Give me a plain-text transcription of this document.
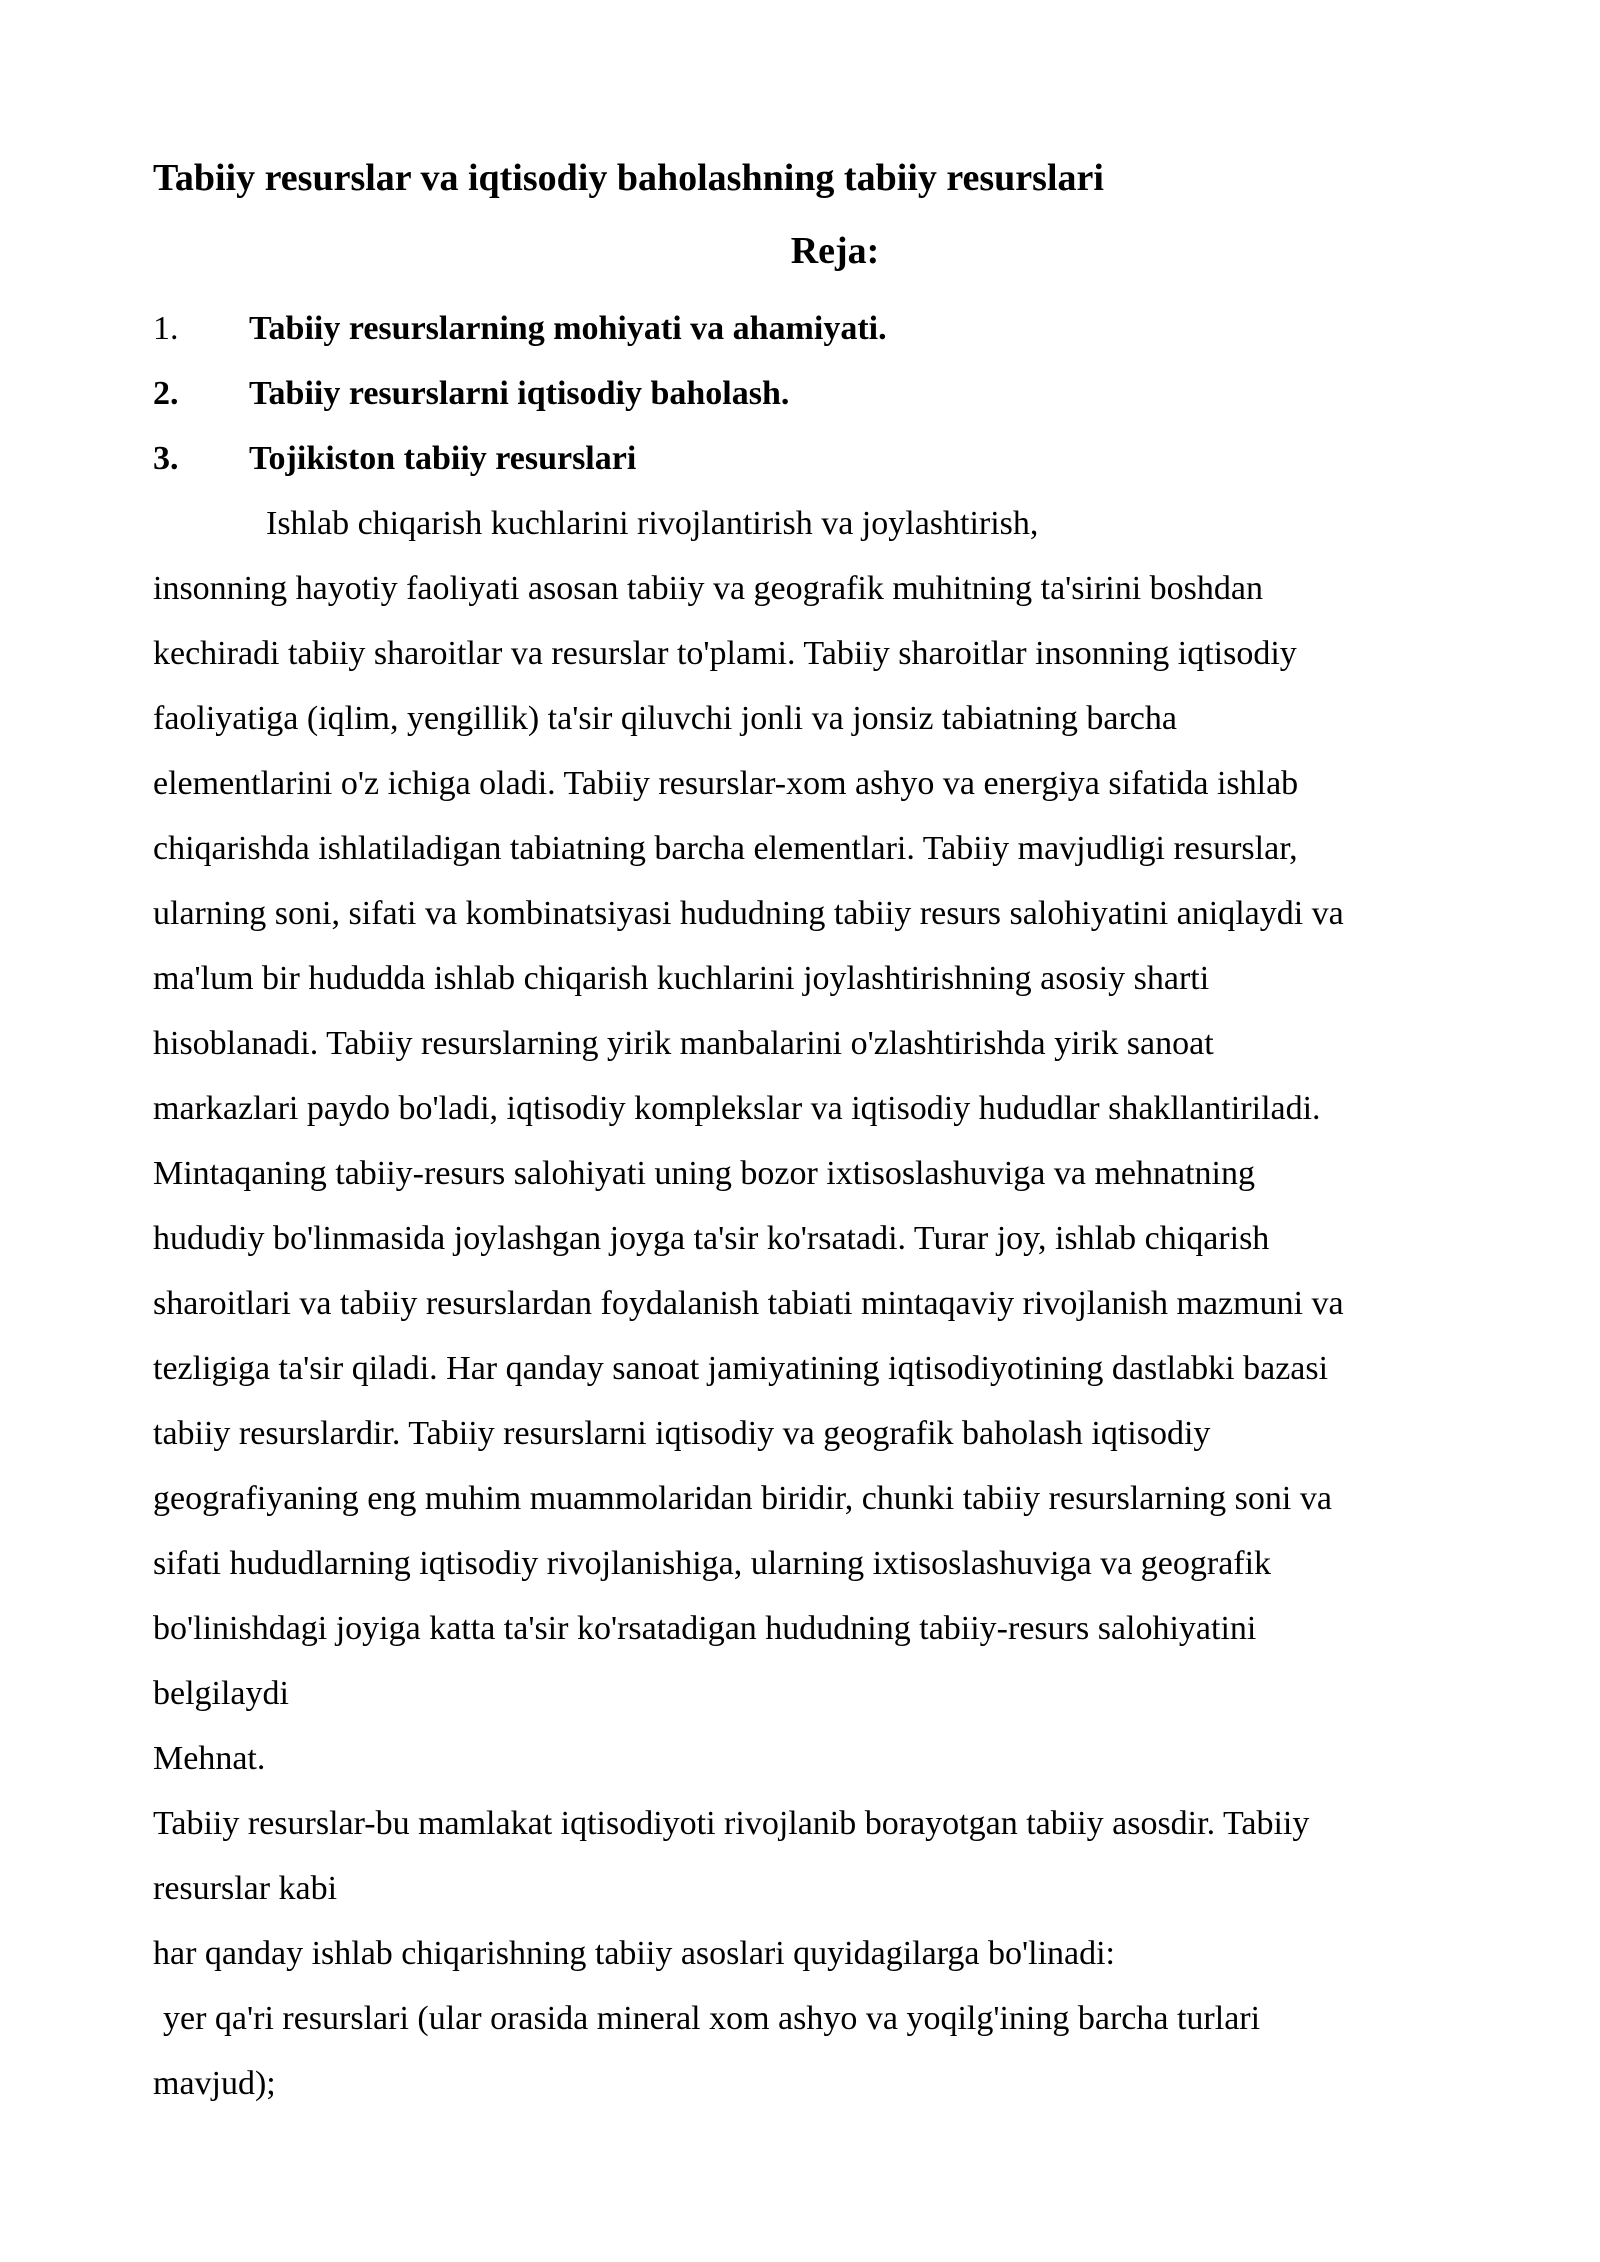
Tabiiy resurslar va iqtisodiy baholashning tabiiy resurslari
Reja:
1. Tabiiy resurslarning mohiyati va ahamiyati.
2. Tabiiy resurslarni iqtisodiy baholash.
3. Tojikiston tabiiy resurslari
Ishlab chiqarish kuchlarini rivojlantirish va joylashtirish,
insonning hayotiy faoliyati asosan tabiiy va geografik muhitning ta'sirini boshdan
kechiradi tabiiy sharoitlar va resurslar to'plami. Tabiiy sharoitlar insonning iqtisodiy
faoliyatiga (iqlim, yengillik) ta'sir qiluvchi jonli va jonsiz tabiatning barcha
elementlarini o'z ichiga oladi. Tabiiy resurslar-xom ashyo va energiya sifatida ishlab
chiqarishda ishlatiladigan tabiatning barcha elementlari. Tabiiy mavjudligi resurslar,
ularning soni, sifati va kombinatsiyasi hududning tabiiy resurs salohiyatini aniqlaydi va
ma'lum bir hududda ishlab chiqarish kuchlarini joylashtirishning asosiy sharti
hisoblanadi. Tabiiy resurslarning yirik manbalarini o'zlashtirishda yirik sanoat
markazlari paydo bo'ladi, iqtisodiy komplekslar va iqtisodiy hududlar shakllantiriladi.
Mintaqaning tabiiy-resurs salohiyati uning bozor ixtisoslashuviga va mehnatning
hududiy bo'linmasida joylashgan joyga ta'sir ko'rsatadi. Turar joy, ishlab chiqarish
sharoitlari va tabiiy resurslardan foydalanish tabiati mintaqaviy rivojlanish mazmuni va
tezligiga ta'sir qiladi. Har qanday sanoat jamiyatining iqtisodiyotining dastlabki bazasi
tabiiy resurslardir. Tabiiy resurslarni iqtisodiy va geografik baholash iqtisodiy
geografiyaning eng muhim muammolaridan biridir, chunki tabiiy resurslarning soni va
sifati hududlarning iqtisodiy rivojlanishiga, ularning ixtisoslashuviga va geografik
bo'linishdagi joyiga katta ta'sir ko'rsatadigan hududning tabiiy-resurs salohiyatini
belgilaydi
Mehnat.
Tabiiy resurslar-bu mamlakat iqtisodiyoti rivojlanib borayotgan tabiiy asosdir. Tabiiy
resurslar kabi
har qanday ishlab chiqarishning tabiiy asoslari quyidagilarga bo'linadi:
yer qa'ri resurslari (ular orasida mineral xom ashyo va yoqilg'ining barcha turlari
mavjud);
